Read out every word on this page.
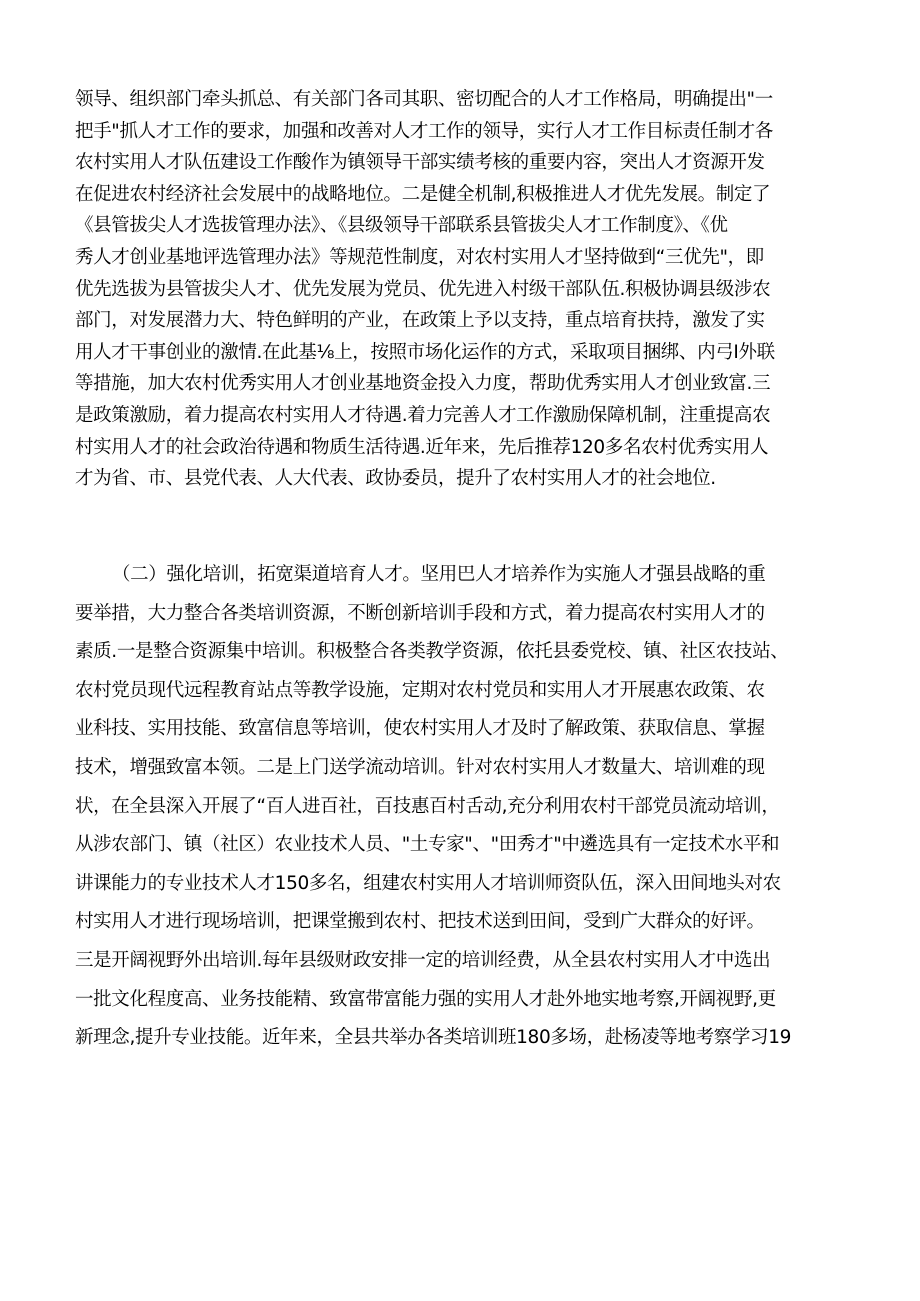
领导、组织部门牵头抓总、有关部门各司其职、密切配合的人才工作格局，明确提出"一
把手"抓人才工作的要求，加强和改善对人才工作的领导，实行人才工作目标责任制才各
农村实用人才队伍建设工作酸作为镇领导干部实绩考核的重要内容，突出人才资源开发
在促进农村经济社会发展中的战略地位。二是健全机制,积极推进人才优先发展。制定了
《县管拔尖人才选拔管理办法》、《县级领导干部联系县管拔尖人才工作制度》、《优
秀人才创业基地评选管理办法》等规范性制度，对农村实用人才坚持做到“三优先"，即
优先选拔为县管拔尖人才、优先发展为党员、优先进入村级干部队伍.积极协调县级涉农
部门，对发展潜力大、特色鲜明的产业，在政策上予以支持，重点培育扶持，激发了实
用人才干事创业的激情.在此基⅛上，按照市场化运作的方式，采取项目捆绑、内弓I外联
等措施，加大农村优秀实用人才创业基地资金投入力度，帮助优秀实用人才创业致富.三
是政策激励，着力提高农村实用人才待遇.着力完善人才工作激励保障机制，注重提高农
村实用人才的社会政治待遇和物质生活待遇.近年来，先后推荐120多名农村优秀实用人
才为省、市、县党代表、人大代表、政协委员，提升了农村实用人才的社会地位.
（二）强化培训，拓宽渠道培育人才。坚用巴人才培养作为实施人才强县战略的重
要举措，大力整合各类培训资源，不断创新培训手段和方式，着力提高农村实用人才的
素质.一是整合资源集中培训。积极整合各类教学资源，依托县委党校、镇、社区农技站、
农村党员现代远程教育站点等教学设施，定期对农村党员和实用人才开展惠农政策、农
业科技、实用技能、致富信息等培训，使农村实用人才及时了解政策、获取信息、掌握
技术，增强致富本领。二是上门送学流动培训。针对农村实用人才数量大、培训难的现
状，在全县深入开展了“百人进百社，百技惠百村舌动,充分利用农村干部党员流动培训，
从涉农部门、镇（社区）农业技术人员、"土专家"、"田秀才"中遴选具有一定技术水平和
讲课能力的专业技术人才150多名，组建农村实用人才培训师资队伍，深入田间地头对农
村实用人才进行现场培训，把课堂搬到农村、把技术送到田间，受到广大群众的好评。
三是开阔视野外出培训.每年县级财政安排一定的培训经费，从全县农村实用人才中选出
一批文化程度高、业务技能精、致富带富能力强的实用人才赴外地实地考察,开阔视野,更
新理念,提升专业技能。近年来，全县共举办各类培训班180多场，赴杨凌等地考察学习19
